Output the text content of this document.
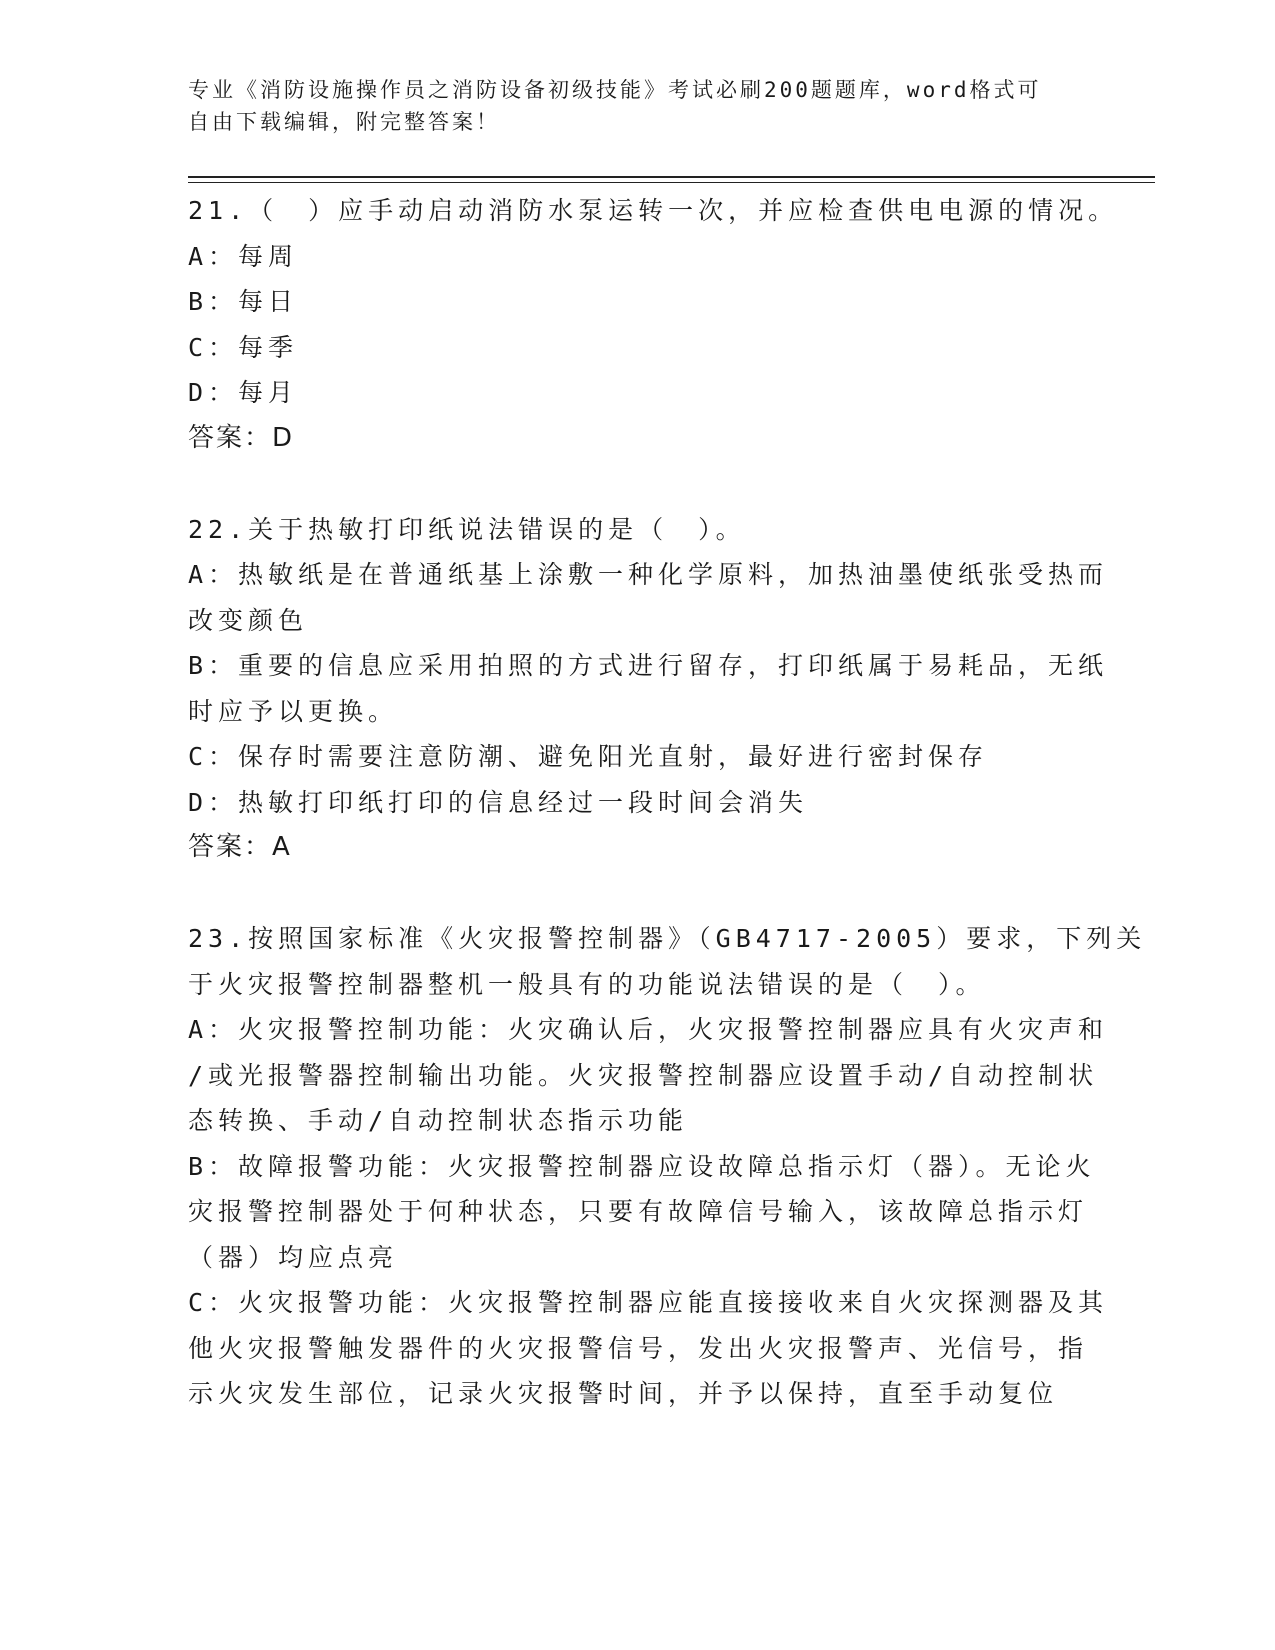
专业《消防设施操作员之消防设备初级技能》考试必刷200题题库，word格式可
自由下载编辑，附完整答案！

21.（　）应手动启动消防水泵运转一次，并应检查供电电源的情况。

A：每周

B：每日

C：每季

D：每月

答案：D

22.关于热敏打印纸说法错误的是（　）。

A：热敏纸是在普通纸基上涂敷一种化学原料，加热油墨使纸张受热而

改变颜色

B：重要的信息应采用拍照的方式进行留存，打印纸属于易耗品，无纸

时应予以更换。

C：保存时需要注意防潮、避免阳光直射，最好进行密封保存

D：热敏打印纸打印的信息经过一段时间会消失

答案：A

23.按照国家标准《火灾报警控制器》（GB4717-2005）要求，下列关

于火灾报警控制器整机一般具有的功能说法错误的是（　）。

A：火灾报警控制功能：火灾确认后，火灾报警控制器应具有火灾声和

/或光报警器控制输出功能。火灾报警控制器应设置手动/自动控制状

态转换、手动/自动控制状态指示功能

B：故障报警功能：火灾报警控制器应设故障总指示灯（器）。无论火

灾报警控制器处于何种状态，只要有故障信号输入，该故障总指示灯

（器）均应点亮

C：火灾报警功能：火灾报警控制器应能直接接收来自火灾探测器及其

他火灾报警触发器件的火灾报警信号，发出火灾报警声、光信号，指

示火灾发生部位，记录火灾报警时间，并予以保持，直至手动复位
